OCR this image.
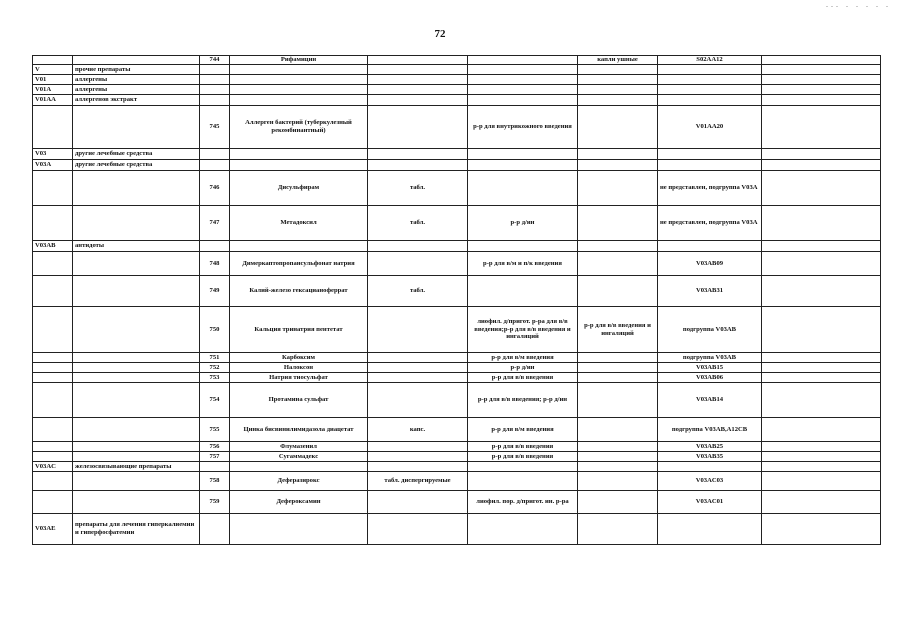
... . . . . .
72
		744	Рифамицин			капли ушные	S02AA12	
V	прочие препараты							
V01	аллергены							
V01A	аллергены							
V01AA	аллергенов экстракт							
		745	Аллерген бактерий (туберкулезный рекомбинантный)		р-р для внутрикожного введения		V01AA20	
V03	другие лечебные средства							
V03A	другие лечебные средства							
		746	Дисульфирам	табл.			не представлен, подгруппа V03A	
		747	Метадоксил	табл.	р-р д/ин		не представлен, подгруппа V03A	
V03AB	антидоты							
		748	Димеркаптопропансульфонат натрия		р-р для в/м и п/к введения		V03AB09	
		749	Калий-железо гексацианоферрат	табл.			V03AB31	
		750	Кальция тринатрия пентетат		лиофил. д/пригот. р-ра для в/в введения;р-р для в/в введения и ингаляций	р-р для в/в введения и ингаляций	подгруппа V03AB	
		751	Карбоксим		р-р для в/м введения		подгруппа V03AB	
		752	Налоксон		р-р д/ин		V03AB15	
		753	Натрия тиосульфат		р-р для в/в введения		V03AB06	
		754	Протамина сульфат		р-р для в/в введения; р-р д/ин		V03AB14	
		755	Цинка бисвинилимидазола диацетат	капс.	р-р для в/м введения		подгруппа V03AB,A12CB	
		756	Флумазенил		р-р для в/в введения		V03AB25	
		757	Сугаммадекс		р-р для в/в введения		V03AB35	
V03AC	железосвязывающие препараты							
		758	Деферазирокс	табл. диспергируемые			V03AC03	
		759	Дефероксамин		лиофил. пор. д/пригот. ин. р-ра		V03AC01	
V03AE	препараты для лечения гиперкалиемии и гиперфосфатемии							
